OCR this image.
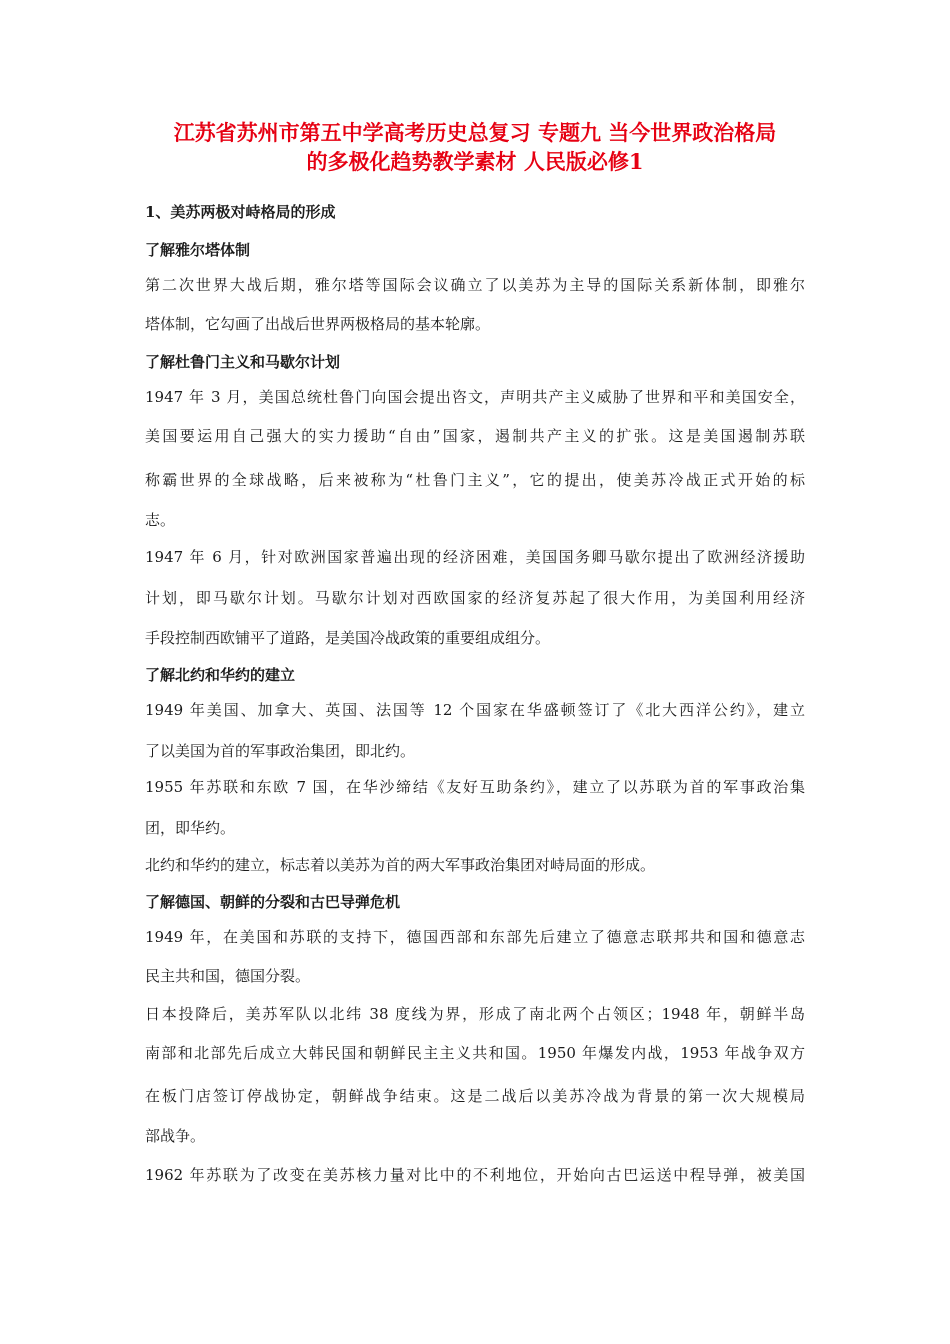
江苏省苏州市第五中学高考历史总复习 专题九 当今世界政治格局
的多极化趋势教学素材 人民版必修1
1、美苏两极对峙格局的形成
了解雅尔塔体制
第二次世界大战后期，雅尔塔等国际会议确立了以美苏为主导的国际关系新体制，即雅尔
塔体制，它勾画了出战后世界两极格局的基本轮廓。
了解杜鲁门主义和马歇尔计划
1947 年 3 月，美国总统杜鲁门向国会提出咨文，声明共产主义威胁了世界和平和美国安全，
美国要运用自己强大的实力援助“自由”国家，遏制共产主义的扩张。这是美国遏制苏联
称霸世界的全球战略，后来被称为“杜鲁门主义”，它的提出，使美苏冷战正式开始的标
志。
1947 年 6 月，针对欧洲国家普遍出现的经济困难，美国国务卿马歇尔提出了欧洲经济援助
计划，即马歇尔计划。马歇尔计划对西欧国家的经济复苏起了很大作用，为美国利用经济
手段控制西欧铺平了道路，是美国冷战政策的重要组成组分。
了解北约和华约的建立
1949 年美国、加拿大、英国、法国等 12 个国家在华盛顿签订了《北大西洋公约》，建立
了以美国为首的军事政治集团，即北约。
1955 年苏联和东欧 7 国，在华沙缔结《友好互助条约》，建立了以苏联为首的军事政治集
团，即华约。
北约和华约的建立，标志着以美苏为首的两大军事政治集团对峙局面的形成。
了解德国、朝鲜的分裂和古巴导弹危机
1949 年，在美国和苏联的支持下，德国西部和东部先后建立了德意志联邦共和国和德意志
民主共和国，德国分裂。
日本投降后，美苏军队以北纬 38 度线为界，形成了南北两个占领区；1948 年，朝鲜半岛
南部和北部先后成立大韩民国和朝鲜民主主义共和国。1950 年爆发内战，1953 年战争双方
在板门店签订停战协定，朝鲜战争结束。这是二战后以美苏冷战为背景的第一次大规模局
部战争。
1962 年苏联为了改变在美苏核力量对比中的不利地位，开始向古巴运送中程导弹，被美国
